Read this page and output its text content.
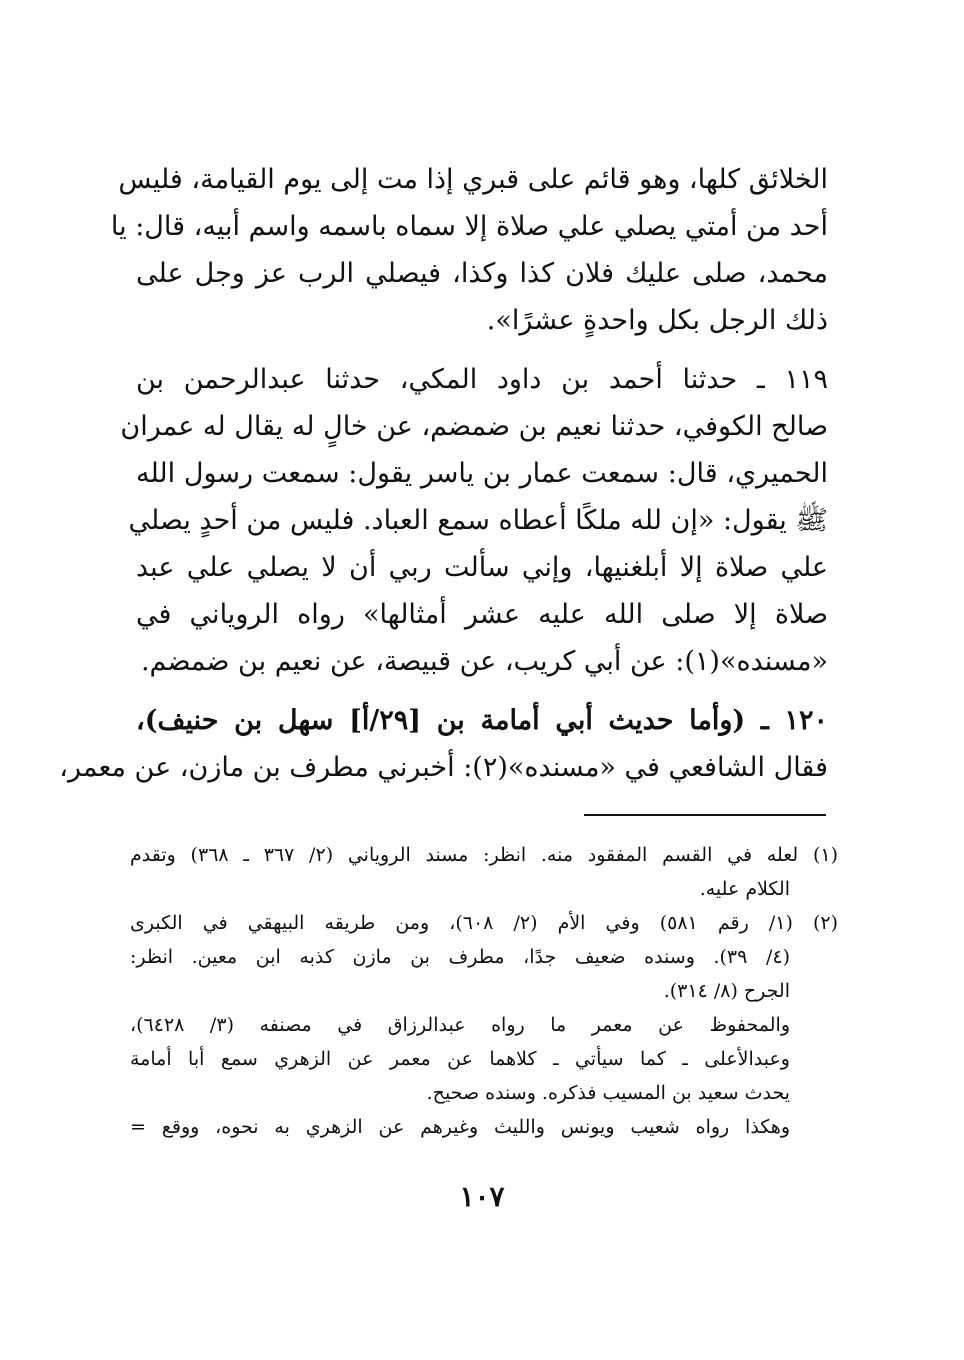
الخلائق كلها، وهو قائم على قبري إذا مت إلى يوم القيامة، فليس
أحد من أمتي يصلي علي صلاة إلا سماه باسمه واسم أبيه، قال: يا
محمد، صلى عليك فلان كذا وكذا، فيصلي الرب عز وجل على
ذلك الرجل بكل واحدةٍ عشرًا».
١١٩ ـ حدثنا أحمد بن داود المكي، حدثنا عبدالرحمن بن
صالح الكوفي، حدثنا نعيم بن ضمضم، عن خالٍ له يقال له عمران
الحميري، قال: سمعت عمار بن ياسر يقول: سمعت رسول الله
ﷺ يقول: «إن لله ملكًا أعطاه سمع العباد. فليس من أحدٍ يصلي
علي صلاة إلا أبلغنيها، وإني سألت ربي أن لا يصلي علي عبد
صلاة إلا صلى الله عليه عشر أمثالها» رواه الروياني في
«مسنده»(١): عن أبي كريب، عن قبيصة، عن نعيم بن ضمضم.
١٢٠ ـ (وأما حديث أبي أمامة بن [٢٩/أ] سهل بن حنيف)،
فقال الشافعي في «مسنده»(٢): أخبرني مطرف بن مازن، عن معمر،
(١) لعله في القسم المفقود منه. انظر: مسند الروياني (٢/ ٣٦٧ ـ ٣٦٨) وتقدم
الكلام عليه.
(٢) (١/ رقم ٥٨١) وفي الأم (٢/ ٦٠٨)، ومن طريقه البيهقي في الكبرى
(٤/ ٣٩). وسنده ضعيف جدًا، مطرف بن مازن كذبه ابن معين. انظر:
الجرح (٨/ ٣١٤).
والمحفوظ عن معمر ما رواه عبدالرزاق في مصنفه (٣/ ٦٤٢٨)،
وعبدالأعلى ـ كما سيأتي ـ كلاهما عن معمر عن الزهري سمع أبا أمامة
يحدث سعيد بن المسيب فذكره. وسنده صحيح.
وهكذا رواه شعيب ويونس والليث وغيرهم عن الزهري به نحوه، ووقع =
١٠٧
